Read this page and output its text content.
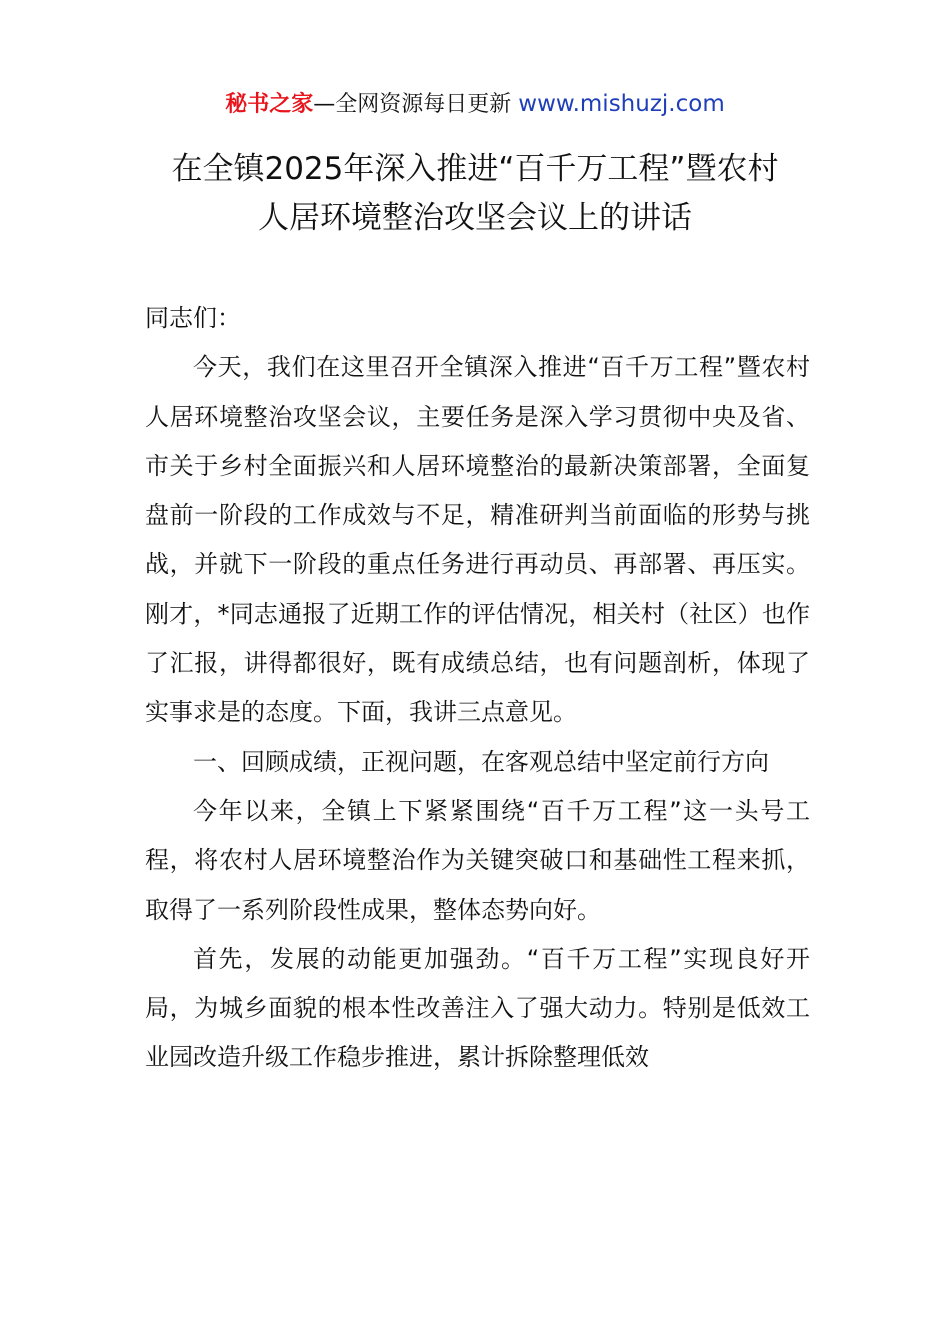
秘书之家—全网资源每日更新 www.mishuzj.com
在全镇2025年深入推进“百千万工程”暨农村
人居环境整治攻坚会议上的讲话

同志们：

今天，我们在这里召开全镇深入推进“百千万工程”暨农村人居环境整治攻坚会议，主要任务是深入学习贯彻中央及省、市关于乡村全面振兴和人居环境整治的最新决策部署，全面复盘前一阶段的工作成效与不足，精准研判当前面临的形势与挑战，并就下一阶段的重点任务进行再动员、再部署、再压实。刚才，*同志通报了近期工作的评估情况，相关村（社区）也作了汇报，讲得都很好，既有成绩总结，也有问题剖析，体现了实事求是的态度。下面，我讲三点意见。

一、回顾成绩，正视问题，在客观总结中坚定前行方向

今年以来，全镇上下紧紧围绕“百千万工程”这一头号工程，将农村人居环境整治作为关键突破口和基础性工程来抓，取得了一系列阶段性成果，整体态势向好。

首先，发展的动能更加强劲。“百千万工程”实现良好开局，为城乡面貌的根本性改善注入了强大动力。特别是低效工业园改造升级工作稳步推进，累计拆除整理低效
